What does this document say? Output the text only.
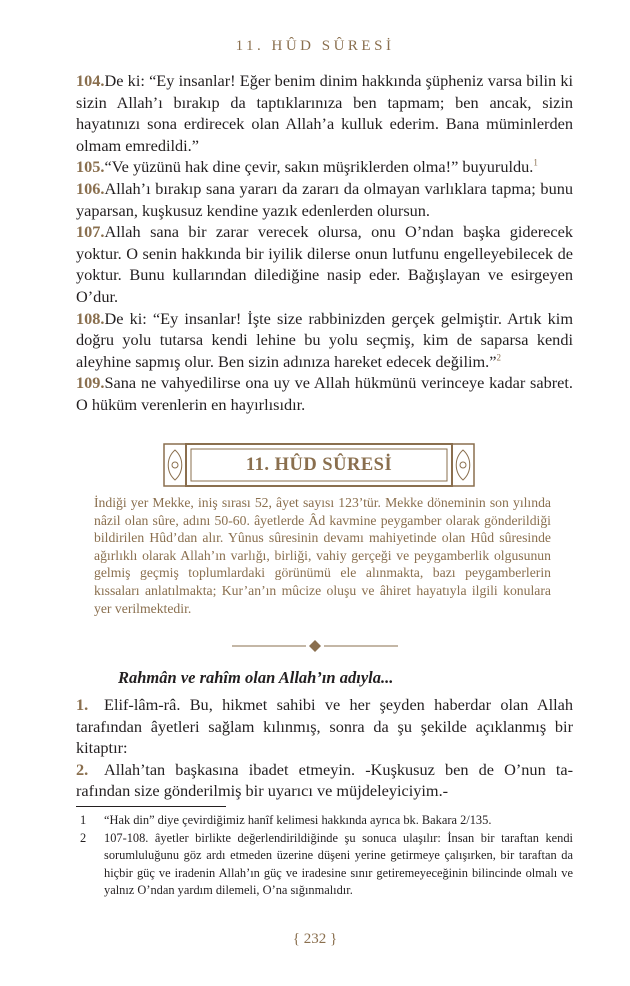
11. HÛD SÛRESİ

104.De ki: “Ey insanlar! Eğer benim dinim hakkında şüpheniz varsa bilin ki sizin Allah’ı bırakıp da taptıklarınıza ben tapmam; ben ancak, sizin hayatınızı sona erdirecek olan Allah’a kulluk ederim. Bana müminlerden olmam emredildi.”

105.“Ve yüzünü hak dine çevir, sakın müşriklerden olma!” buyuruldu.$^1$

106.Allah’ı bırakıp sana yararı da zararı da olmayan varlıklara tapma; bunu yaparsan, kuşkusuz kendine yazık edenlerden olursun.

107.Allah sana bir zarar verecek olursa, onu O’ndan başka giderecek yoktur. O senin hakkında bir iyilik dilerse onun lutfunu engelleyebilecek de yoktur. Bunu kullarından dilediğine nasip eder. Bağışlayan ve esirgeyen O’dur.

108.De ki: “Ey insanlar! İşte size rabbinizden gerçek gelmiştir. Artık kim doğru yolu tutarsa kendi lehine bu yolu seçmiş, kim de saparsa kendi aleyhine sapmış olur. Ben sizin adınıza hareket edecek değilim.”$^2$

109.Sana ne vahyedilirse ona uy ve Allah hükmünü verinceye kadar sabret. O hüküm verenlerin en hayırlısıdır.

11. HÛD SÛRESİ
İndiği yer Mekke, iniş sırası 52, âyet sayısı 123’tür. Mekke döneminin son yılında nâzil olan sûre, adını 50-60. âyetlerde Âd kavmine peygamber olarak gönderildiği bildirilen Hûd’dan alır. Yûnus sûresinin devamı mahiyetinde olan Hûd sûresinde ağırlıklı olarak Allah’ın varlığı, birliği, vahiy gerçeği ve peygamberlik olgusunun gelmiş geçmiş toplumlardaki görünümü ele alınmakta, bazı peygamberlerin kıssaları anlatılmakta; Kur’an’ın mûcize oluşu ve âhiret hayatıyla ilgili konulara yer verilmektedir.
Rahmân ve rahîm olan Allah’ın adıyla...

1. Elif-lâm-râ. Bu, hikmet sahibi ve her şeyden haberdar olan Allah tarafından âyetleri sağlam kılınmış, sonra da şu şekilde açıklanmış bir kitaptır:

2. Allah’tan başkasına ibadet etmeyin. -Kuşkusuz ben de O’nun tarafından size gönderilmiş bir uyarıcı ve müjdeleyiciyim.-

1	“Hak din” diye çevirdiğimiz hanîf kelimesi hakkında ayrıca bk. Bakara 2/135.
2	107-108. âyetler birlikte değerlendirildiğinde şu sonuca ulaşılır: İnsan bir taraftan kendi sorumluluğunu göz ardı etmeden üzerine düşeni yerine getirmeye çalışırken, bir taraftan da hiçbir güç ve iradenin Allah’ın güç ve iradesine sınır getiremeyeceğinin bilincinde olmalı ve yalnız O’ndan yardım dilemeli, O’na sığınmalıdır.
{ 232 }
